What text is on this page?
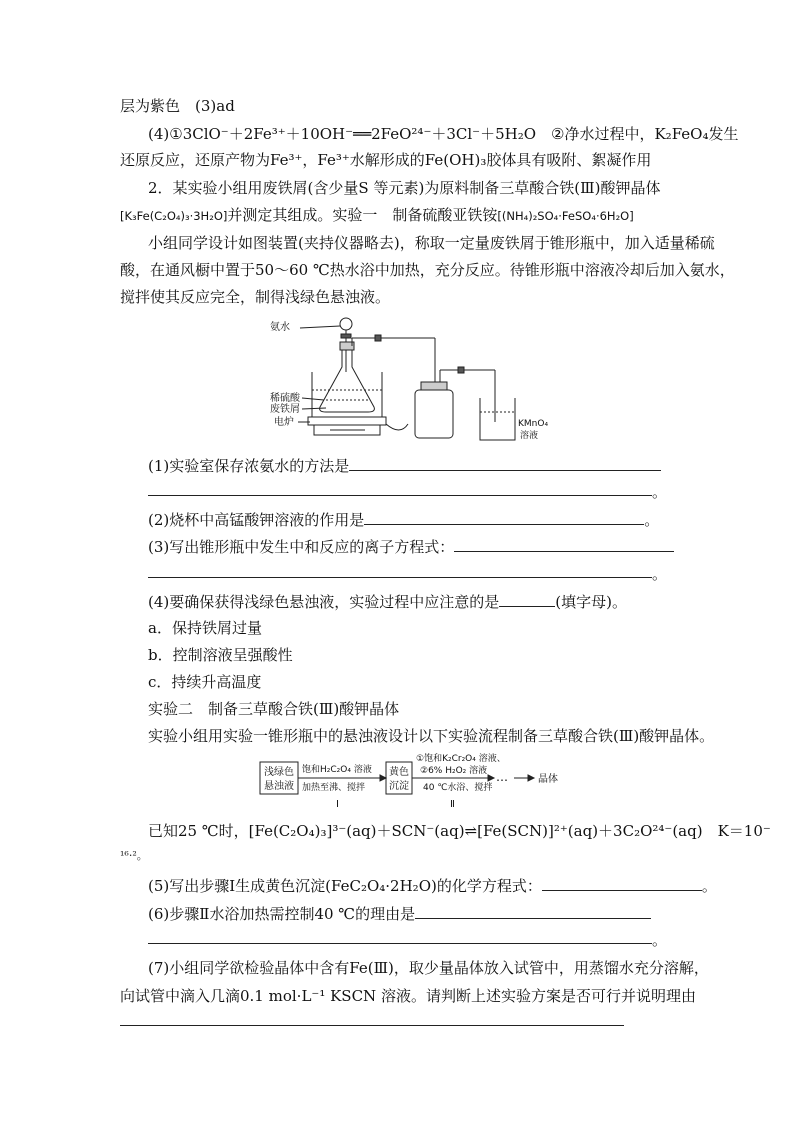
层为紫色　(3)ad
(4)①3ClO⁻＋2Fe³⁺＋10OH⁻══2FeO²⁴⁻＋3Cl⁻＋5H₂O　②净水过程中，K₂FeO₄发生
还原反应，还原产物为Fe³⁺，Fe³⁺水解形成的Fe(OH)₃胶体具有吸附、絮凝作用
2．某实验小组用废铁屑(含少量S 等元素)为原料制备三草酸合铁(Ⅲ)酸钾晶体
[K₃Fe(C₂O₄)₃·3H₂O]并测定其组成。实验一　制备硫酸亚铁铵[(NH₄)₂SO₄·FeSO₄·6H₂O]
小组同学设计如图装置(夹持仪器略去)，称取一定量废铁屑于锥形瓶中，加入适量稀硫
酸，在通风橱中置于50～60 ℃热水浴中加热，充分反应。待锥形瓶中溶液冷却后加入氨水，
搅拌使其反应完全，制得浅绿色悬浊液。
氨水
稀硫酸
废铁屑
电炉	KMnO₄
溶液
(1)实验室保存浓氨水的方法是
。
(2)烧杯中高锰酸钾溶液的作用是	。
(3)写出锥形瓶中发生中和反应的离子方程式：
。
(4)要确保获得浅绿色悬浊液，实验过程中应注意的是	(填字母)。
a．保持铁屑过量
b．控制溶液呈强酸性
c．持续升高温度
实验二　制备三草酸合铁(Ⅲ)酸钾晶体
实验小组用实验一锥形瓶中的悬浊液设计以下实验流程制备三草酸合铁(Ⅲ)酸钾晶体。
浅绿色
悬浊液
饱和H₂C₂O₄ 溶液
加热至沸、搅拌
Ⅰ
黄色
沉淀
①饱和K₂Cr₂O₄ 溶液、
②6% H₂O₂ 溶液
40 ℃水浴、搅拌
Ⅱ
…	晶体
已知25 ℃时，[Fe(C₂O₄)₃]³⁻(aq)＋SCN⁻(aq)⇌[Fe(SCN)]²⁺(aq)＋3C₂O²⁴⁻(aq)　K＝10⁻
¹⁶·²。
(5)写出步骤Ⅰ生成黄色沉淀(FeC₂O₄·2H₂O)的化学方程式：	。
(6)步骤Ⅱ水浴加热需控制40 ℃的理由是
。
(7)小组同学欲检验晶体中含有Fe(Ⅲ)，取少量晶体放入试管中，用蒸馏水充分溶解，
向试管中滴入几滴0.1 mol·L⁻¹ KSCN 溶液。请判断上述实验方案是否可行并说明理由
